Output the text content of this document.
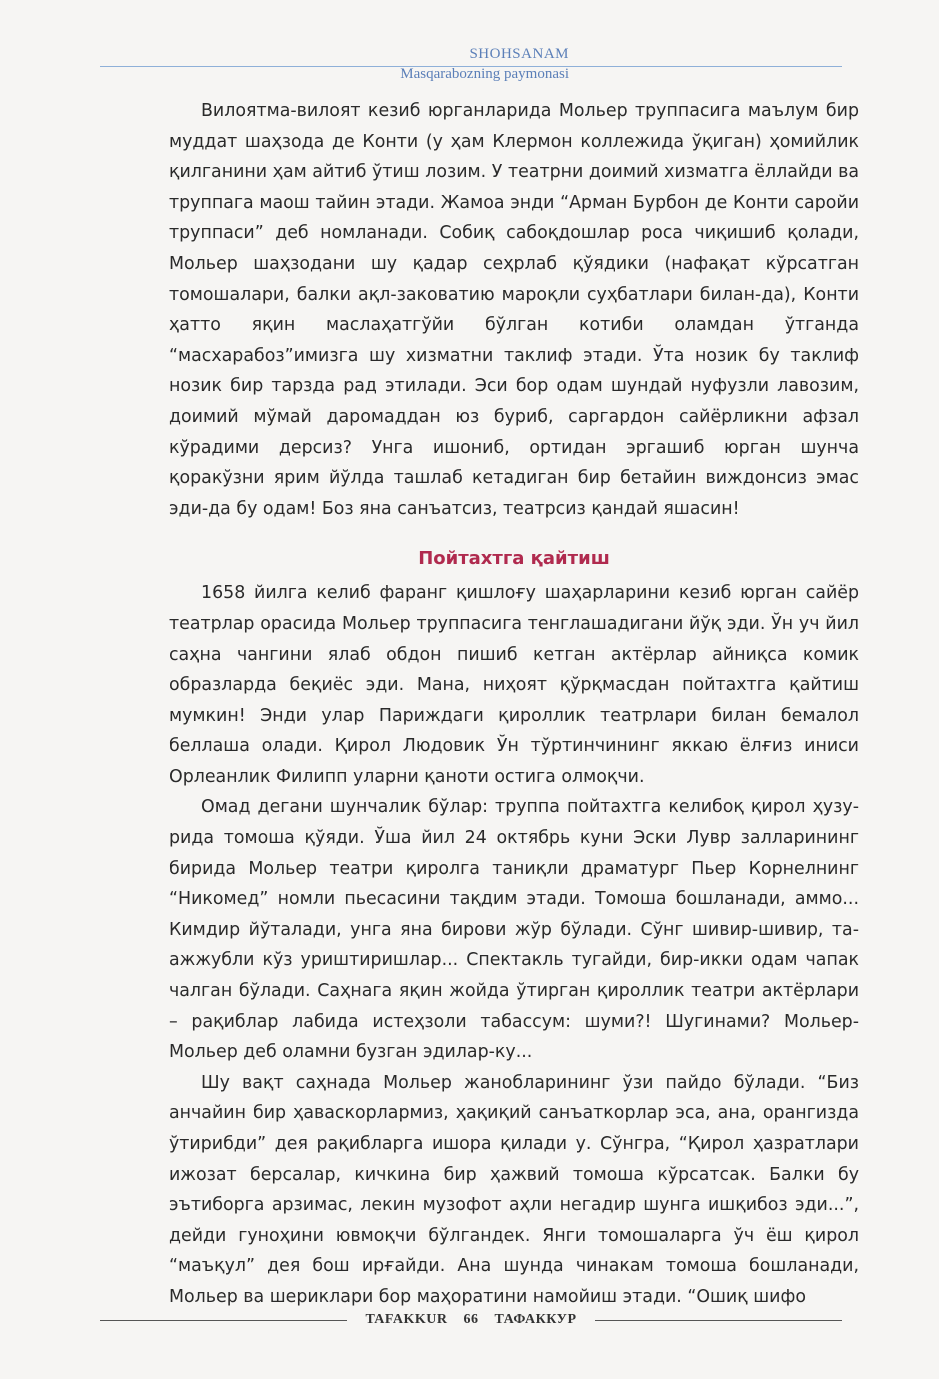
SHOHSANAM
Masqarabozning paymonasi

Вилоятма-вилоят кезиб юрганларида Мольер труппасига маълум бир муддат шаҳзода де Конти (у ҳам Клермон коллежида ўқиган) ҳомийлик қилганини ҳам айтиб ўтиш лозим. У театрни доимий хизматга ёллайди ва труппага маош тайин этади. Жамоа энди “Арман Бурбон де Конти саройи труппаси” деб номланади. Собиқ сабоқдошлар роса чиқишиб қолади, Мольер шаҳзодани шу қадар сеҳрлаб қўядики (нафақат кўрсатган томошалари, балки ақл-заковатию мароқли суҳбатлари билан-да), Конти ҳатто яқин маслаҳатгўйи бўлган котиби оламдан ўтганда “масхарабоз”имизга шу хизматни таклиф этади. Ўта нозик бу таклиф нозик бир тарзда рад этилади. Эси бор одам шундай нуфузли лавозим, доимий мўмай даромаддан юз буриб, саргардон сайёрликни афзал кўрадими дерсиз? Унга ишониб, ортидан эргашиб юрган шунча қоракўзни ярим йўлда ташлаб кетадиган бир бетайин виждонсиз эмас эди-да бу одам! Боз яна санъатсиз, театрсиз қандай яшасин!

Пойтахтга қайтиш

1658 йилга келиб фаранг қишлоғу шаҳарларини кезиб юрган сайёр театрлар орасида Мольер труппасига тенглашадигани йўқ эди. Ўн уч йил саҳна чангини ялаб обдон пишиб кетган актёрлар айниқса комик образларда беқиёс эди. Мана, ниҳоят қўрқмасдан пойтахтга қайтиш мумкин! Энди улар Париждаги қироллик театрлари билан бемалол беллаша олади. Қирол Людовик Ўн тўртинчининг яккаю ёлғиз иниси Орлеанлик Филипп уларни қаноти остига олмоқчи.

Омад дегани шунчалик бўлар: труппа пойтахтга келибоқ қирол ҳузурида томоша қўяди. Ўша йил 24 октябрь куни Эски Лувр залларининг бирида Мольер театри қиролга таниқли драматург Пьер Корнелнинг “Никомед” номли пьесасини тақдим этади. Томоша бошланади, аммо... Кимдир йўталади, унга яна бирови жўр бўлади. Сўнг шивир-шивир, таажжубли кўз уриштиришлар... Спектакль тугайди, бир-икки одам чапак чалган бўлади. Саҳнага яқин жойда ўтирган қироллик театри актёрлари – рақиблар лабида истеҳзоли табассум: шуми?! Шугинами? Мольер-Мольер деб оламни бузган эдилар-ку...

Шу вақт саҳнада Мольер жанобларининг ўзи пайдо бўлади. “Биз анчайин бир ҳаваскорлармиз, ҳақиқий санъаткорлар эса, ана, орангизда ўтирибди” дея рақибларга ишора қилади у. Сўнгра, “Қирол ҳазратлари ижозат берсалар, кичкина бир ҳажвий томоша кўрсатсак. Балки бу эътиборга арзимас, лекин музофот аҳли негадир шунга ишқибоз эди...”, дейди гуноҳини ювмоқчи бўлгандек. Янги томошаларга ўч ёш қирол “маъқул” дея бош ирғайди. Ана шунда чинакам томоша бошланади, Мольер ва шериклари бор маҳоратини намойиш этади. “Ошиқ шифо

TAFAKKUR 66 ТАФАККУР
